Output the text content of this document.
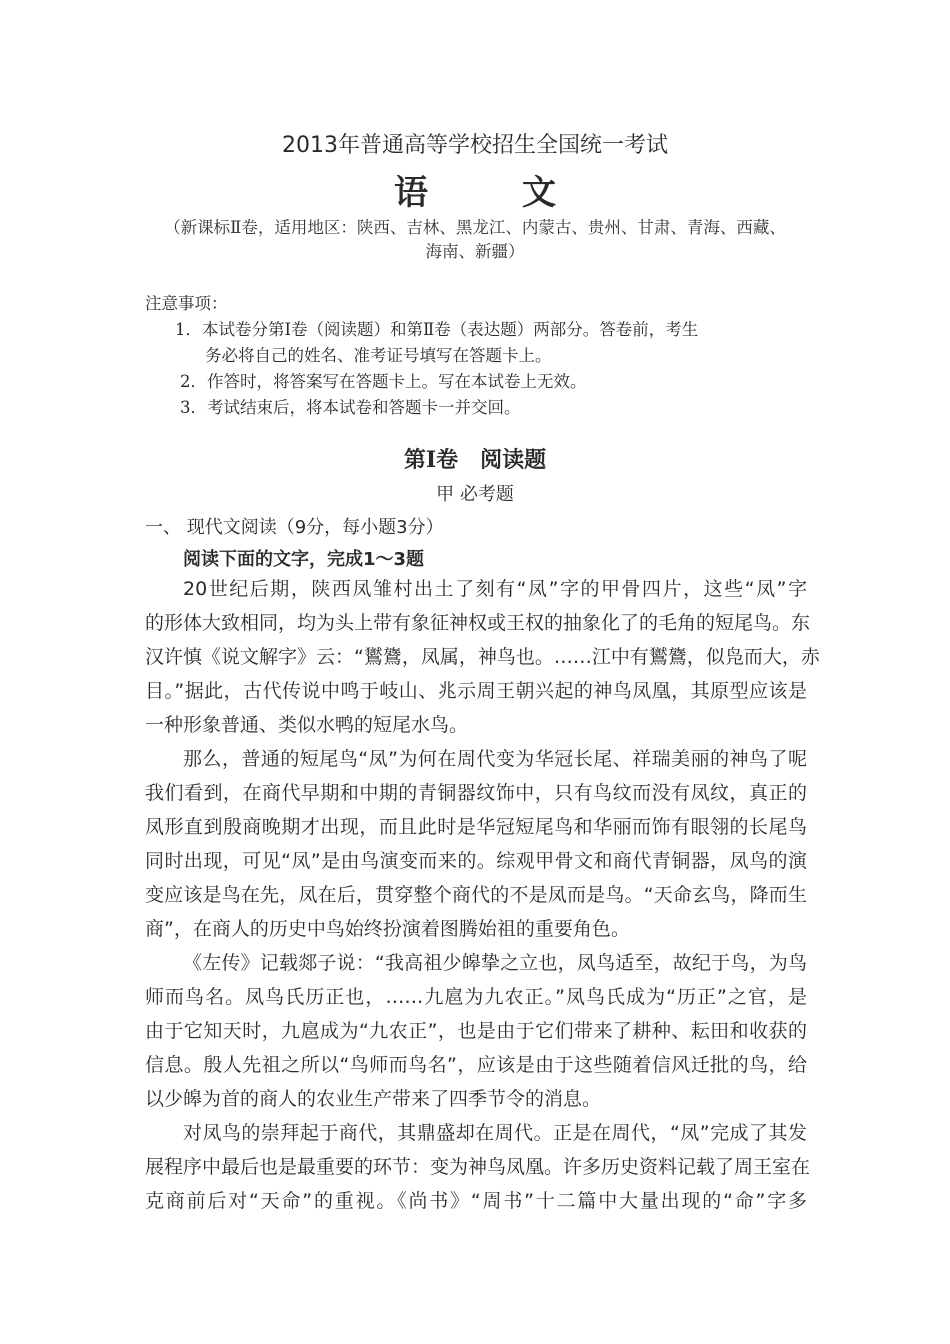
2013年普通高等学校招生全国统一考试
语　文
（新课标Ⅱ卷，适用地区：陕西、吉林、黑龙江、内蒙古、贵州、甘肃、青海、西藏、
海南、新疆）
注意事项：
1．本试卷分第Ⅰ卷（阅读题）和第Ⅱ卷（表达题）两部分。答卷前，考生
务必将自己的姓名、准考证号填写在答题卡上。
2．作答时，将答案写在答题卡上。写在本试卷上无效。
3．考试结束后，将本试卷和答题卡一并交回。
第Ⅰ卷　阅读题
甲 必考题
一、 现代文阅读（9分，每小题3分）
阅读下面的文字，完成1～3题
20世纪后期，陕西凤雏村出土了刻有“凤”字的甲骨四片，这些“凤”字
的形体大致相同，均为头上带有象征神权或王权的抽象化了的毛角的短尾鸟。东
汉许慎《说文解字》云：“鸑鷟，凤属，神鸟也。……江中有鸑鷟，似凫而大，赤
目。”据此，古代传说中鸣于岐山、兆示周王朝兴起的神鸟凤凰，其原型应该是
一种形象普通、类似水鸭的短尾水鸟。
那么，普通的短尾鸟“凤”为何在周代变为华冠长尾、祥瑞美丽的神鸟了呢
我们看到，在商代早期和中期的青铜器纹饰中，只有鸟纹而没有凤纹，真正的
凤形直到殷商晚期才出现，而且此时是华冠短尾鸟和华丽而饰有眼翎的长尾鸟
同时出现，可见“凤”是由鸟演变而来的。综观甲骨文和商代青铜器，凤鸟的演
变应该是鸟在先，凤在后，贯穿整个商代的不是凤而是鸟。“天命玄鸟，降而生
商”，在商人的历史中鸟始终扮演着图腾始祖的重要角色。
《左传》记载郯子说：“我高祖少皞挚之立也，凤鸟适至，故纪于鸟，为鸟
师而鸟名。凤鸟氏历正也，……九扈为九农正。”凤鸟氏成为“历正”之官，是
由于它知天时，九扈成为“九农正”，也是由于它们带来了耕种、耘田和收获的
信息。殷人先祖之所以“鸟师而鸟名”，应该是由于这些随着信风迁批的鸟，给
以少皞为首的商人的农业生产带来了四季节令的消息。
对凤鸟的崇拜起于商代，其鼎盛却在周代。正是在周代，“凤”完成了其发
展程序中最后也是最重要的环节：变为神鸟凤凰。许多历史资料记载了周王室在
克商前后对“天命”的重视。《尚书》“周书”十二篇中大量出现的“命”字多
